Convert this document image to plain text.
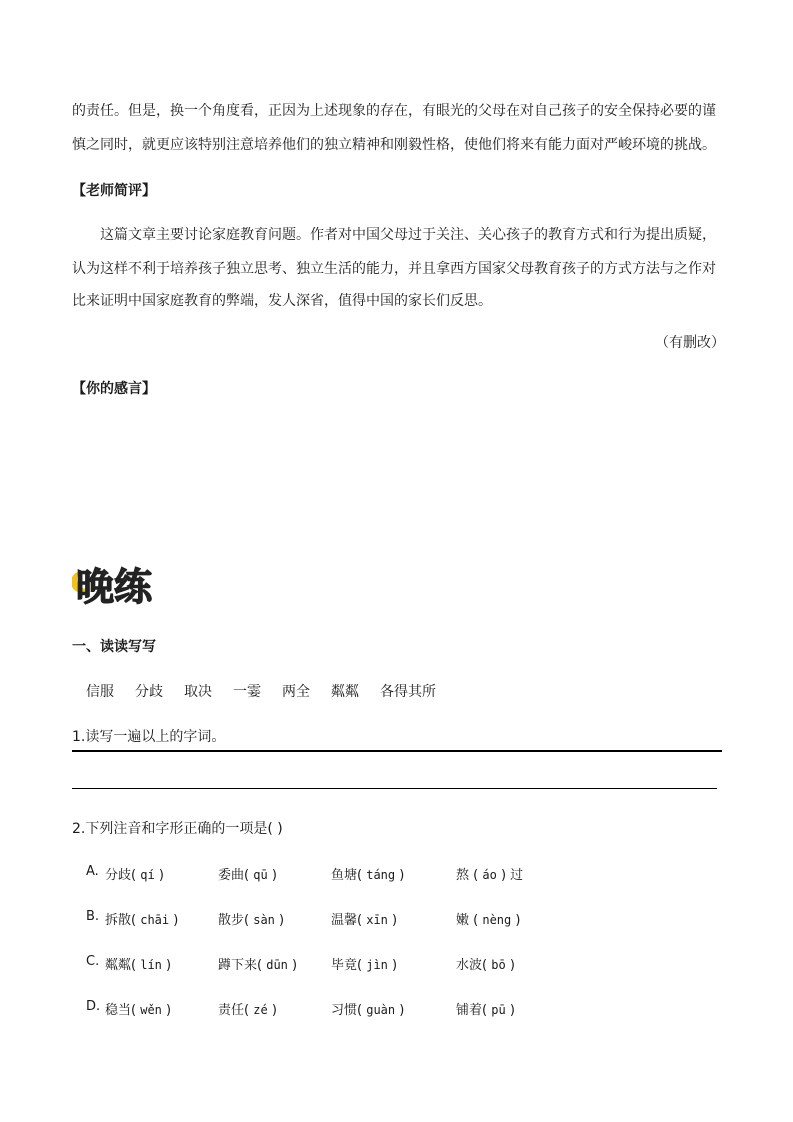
的责任。但是，换一个角度看，正因为上述现象的存在，有眼光的父母在对自己孩子的安全保持必要的谨
慎之同时，就更应该特别注意培养他们的独立精神和刚毅性格，使他们将来有能力面对严峻环境的挑战。
【老师简评】
这篇文章主要讨论家庭教育问题。作者对中国父母过于关注、关心孩子的教育方式和行为提出质疑，
认为这样不利于培养孩子独立思考、独立生活的能力，并且拿西方国家父母教育孩子的方式方法与之作对
比来证明中国家庭教育的弊端，发人深省，值得中国的家长们反思。
（有删改）
【你的感言】
晚练
一、读读写写
信服 分歧 取决 一霎 两全 粼粼 各得其所
1.读写一遍以上的字词。
2.下列注音和字形正确的一项是( )
A. 分歧( qí )	委曲( qū )	鱼塘( táng )	熬 ( áo ) 过
B. 拆散( chāi )	散步( sàn )	温馨( xīn )	嫩 ( nèng )
C. 粼粼( lín )	蹲下来( dūn )	毕竟( jìn )	水波( bō )
D. 稳当( wěn )	责任( zé )	习惯( guàn )	铺着( pū )
